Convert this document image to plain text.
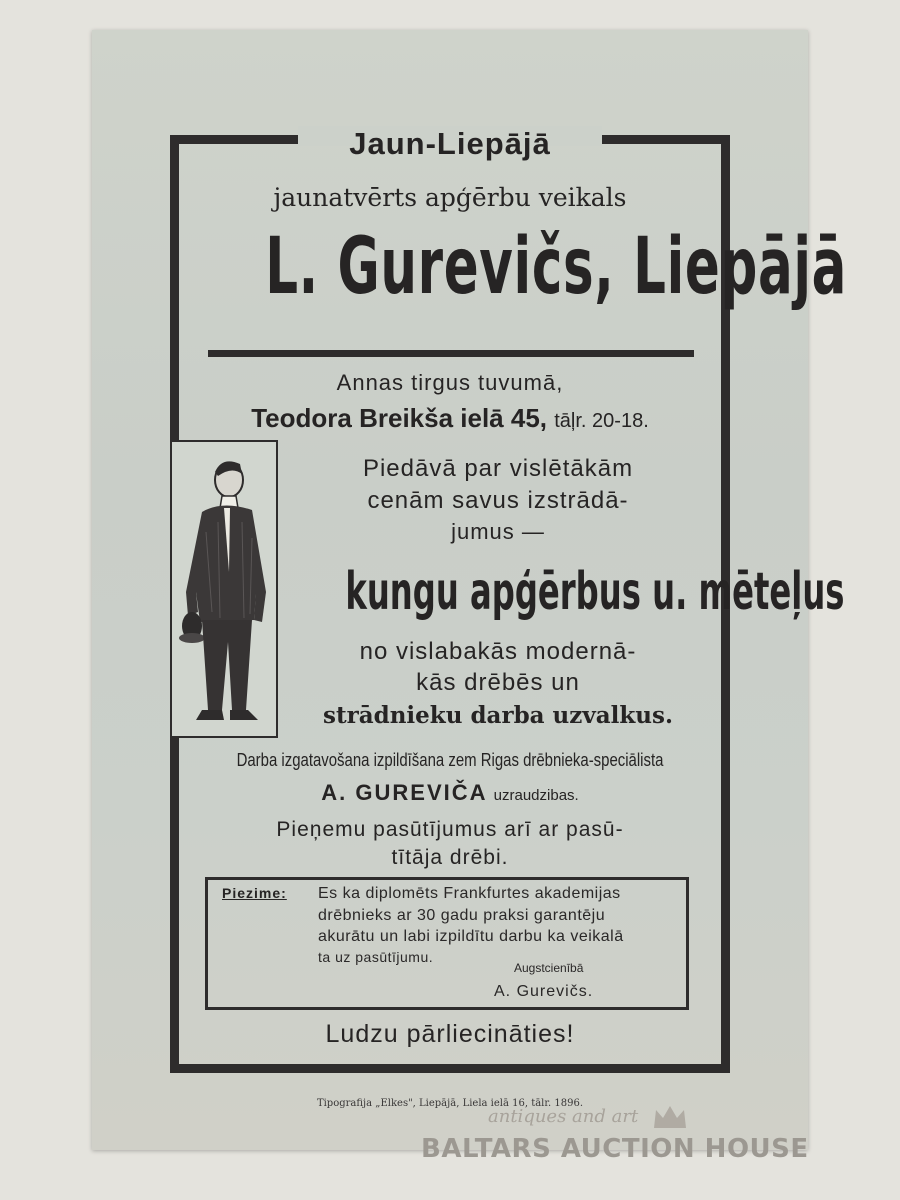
Jaun-Liepājā

jaunatvērts apģērbu veikals

L. Gurevičs, Liepājā

Annas tirgus tuvumā,

Teodora Breikša ielā 45, tāļr. 20-18.

Piedāvā par vislētākām

cenām savus izstrādā-

jumus —

kungu apģērbus u. mēteļus

no vislabakās modernā-

kās drēbēs un

strādnieku darba uzvalkus.

Darba izgatavošana izpildīšana zem Rigas drēbnieka-speciālista

A. GUREVIČA uzraudzibas.

Pieņemu pasūtījumus arī ar pasū-

tītāja drēbi.

Piezime: Es ka diplomēts Frankfurtes akademijas

drēbnieks ar 30 gadu praksi garantēju

akurātu un labi izpildītu darbu ka veikalā

ta uz pasūtījumu.

Augstcienībā
A. Gurevičs.

Ludzu pārliecināties!

Tipografija „Elkes", Liepājā, Liela ielā 16, tālr. 1896.

antiques and art
BALTARS AUCTION HOUSE
